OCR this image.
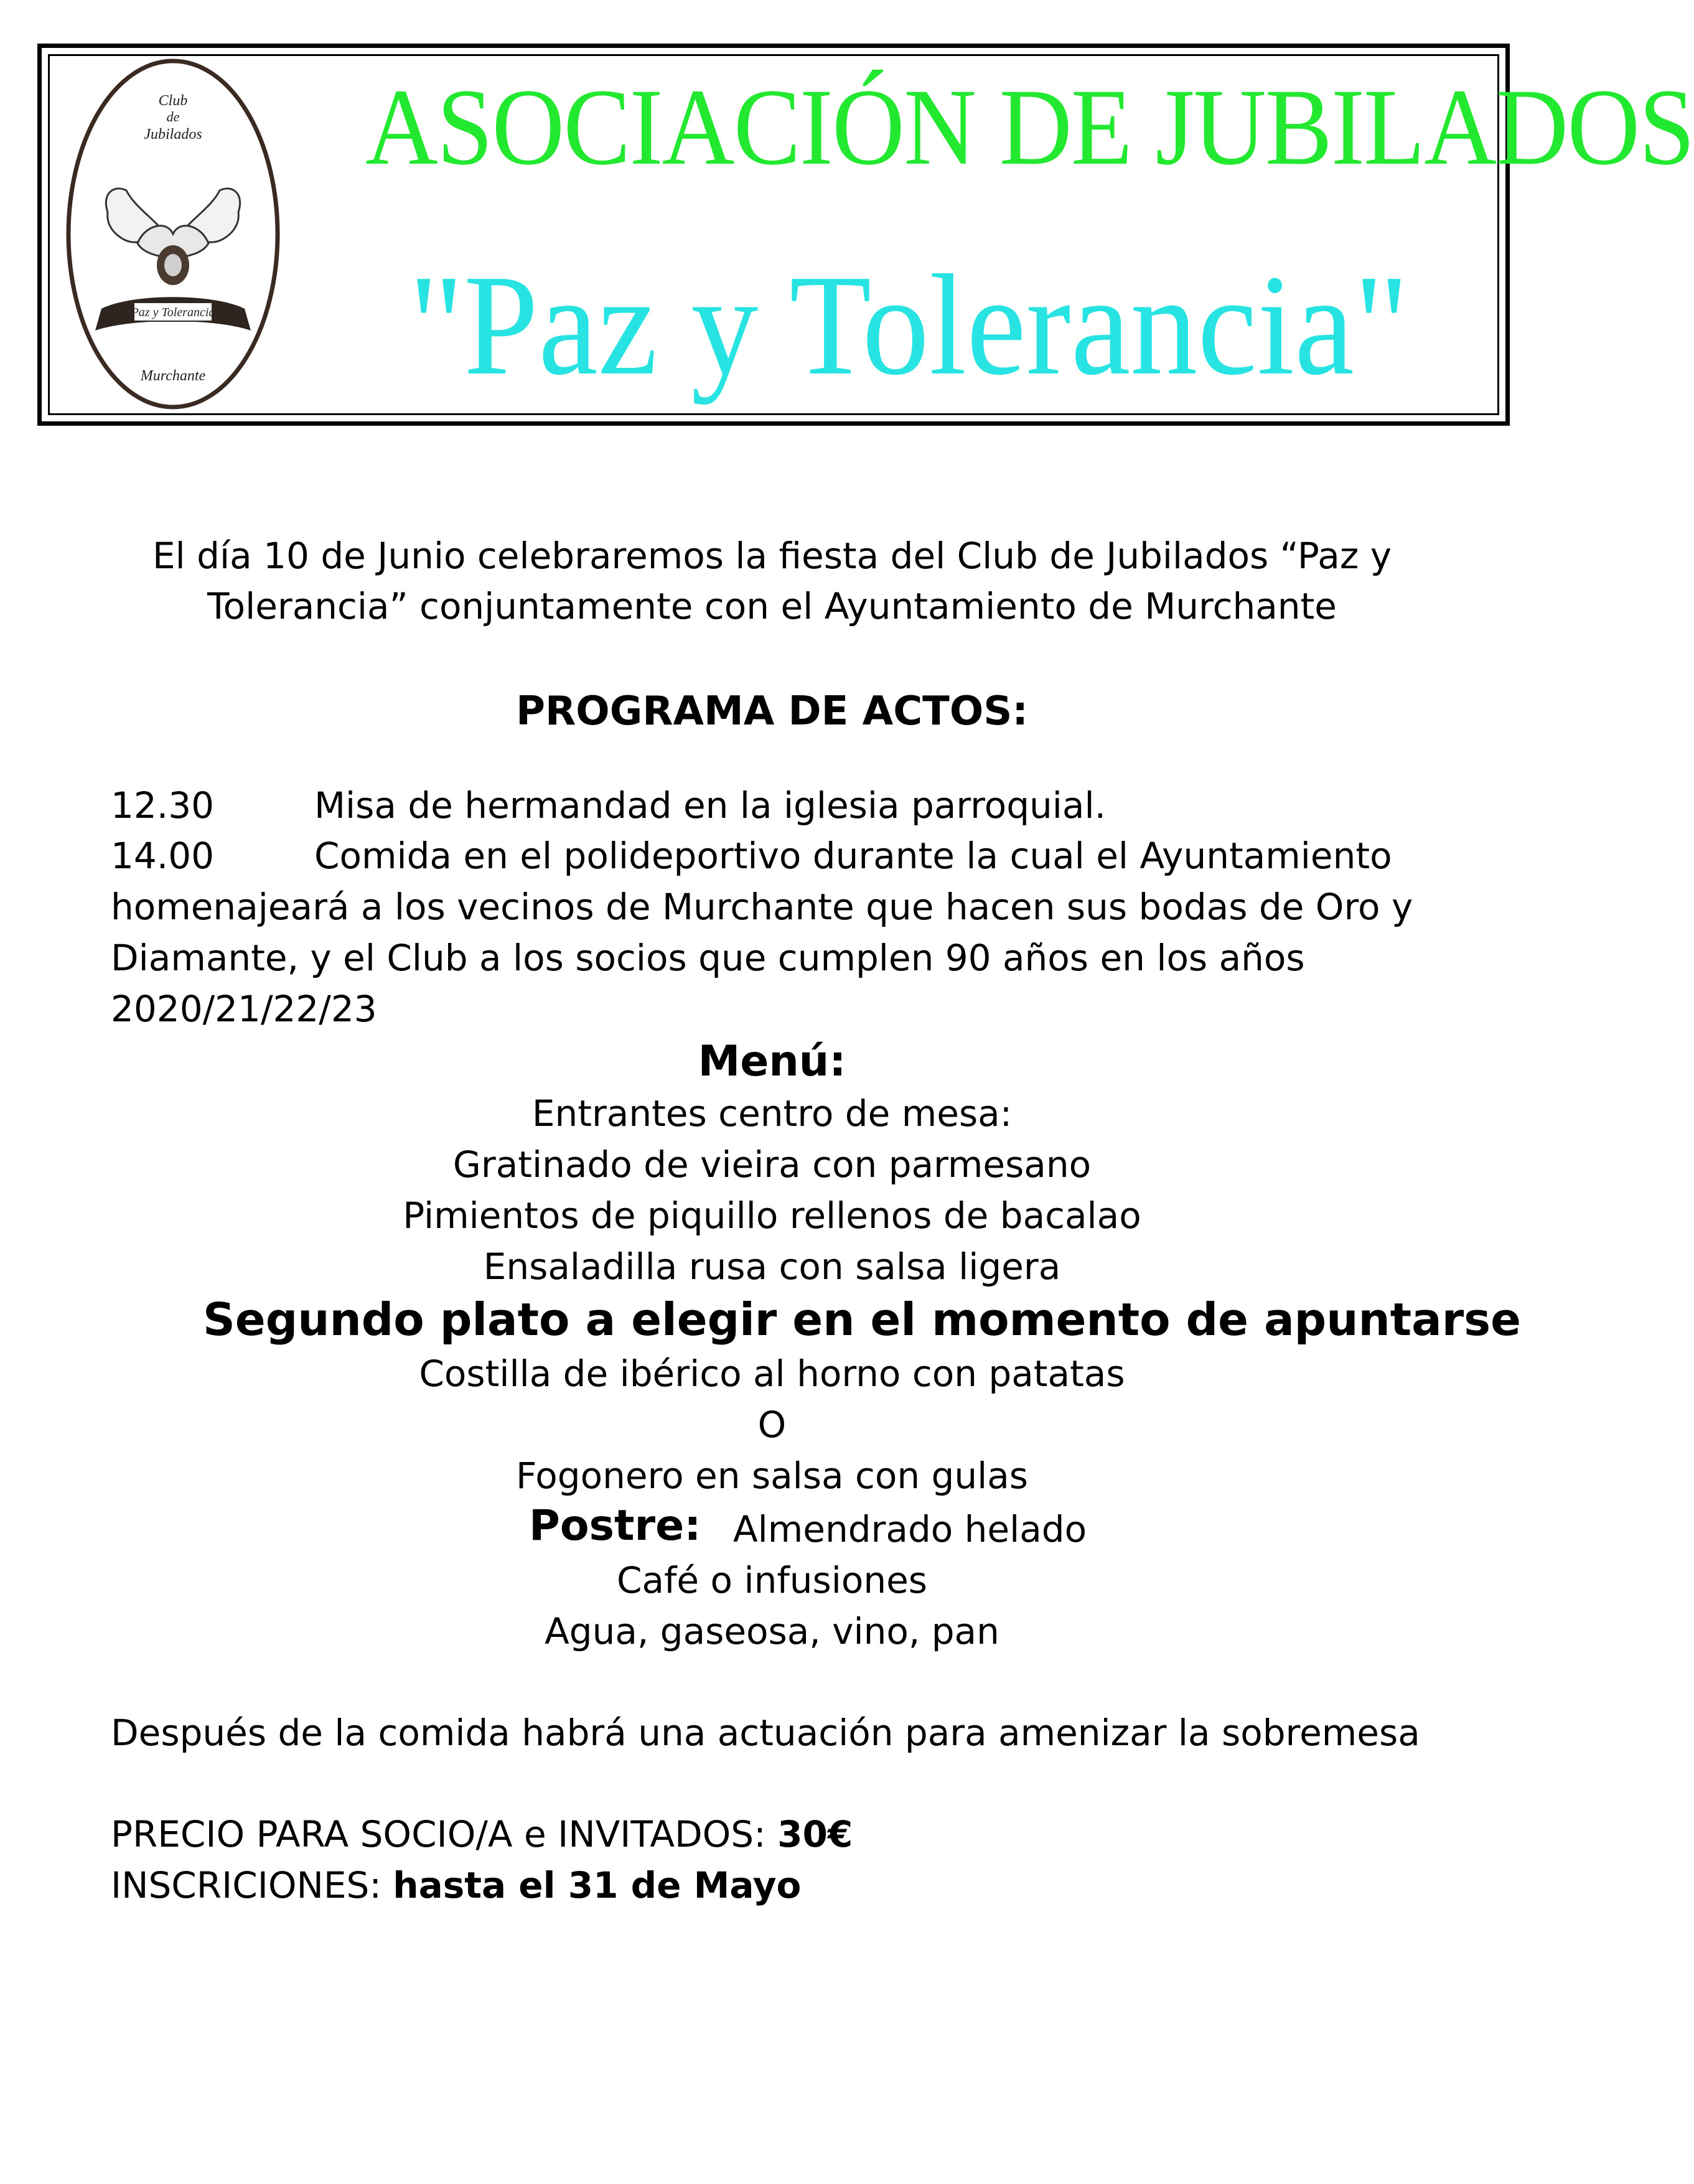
Club
de
Jubilados
Paz y Tolerancia
Murchante
ASOCIACIÓN DE JUBILADOS
"Paz y Tolerancia"
El día 10 de Junio celebraremos la fiesta del Club de Jubilados “Paz y
Tolerancia” conjuntamente con el Ayuntamiento de Murchante
PROGRAMA DE ACTOS:
12.30	Misa de hermandad en la iglesia parroquial.
14.00	Comida en el polideportivo durante la cual el Ayuntamiento
homenajeará a los vecinos de Murchante que hacen sus bodas de Oro y
Diamante, y el Club a los socios que cumplen 90 años en los años
2020/21/22/23
Menú:
Entrantes centro de mesa:
Gratinado de vieira con parmesano
Pimientos de piquillo rellenos de bacalao
Ensaladilla rusa con salsa ligera
Segundo plato a elegir en el momento de apuntarse
Costilla de ibérico al horno con patatas
O
Fogonero en salsa con gulas
Postre: Almendrado helado
Café o infusiones
Agua, gaseosa, vino, pan
Después de la comida habrá una actuación para amenizar la sobremesa
PRECIO PARA SOCIO/A e INVITADOS: 30€
INSCRICIONES: hasta el 31 de Mayo
